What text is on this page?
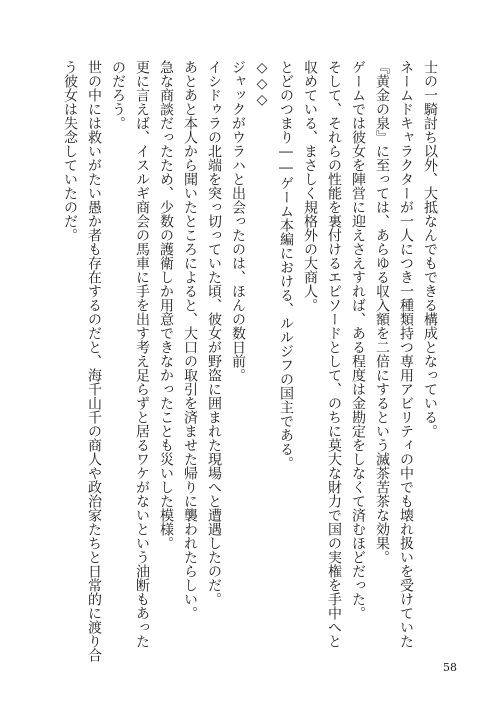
士の一騎討ち以外、大抵なんでもできる構成となっている。
ネームドキャラクターが一人につき一種類持つ専用アビリティの中でも壊れ扱いを受けていた
『黄金の泉』に至っては、あらゆる収入額を二倍にするという滅茶苦茶な効果。
ゲームでは彼女を陣営に迎えさえすれば、ある程度は金勘定をしなくて済むほどだった。
そして、それらの性能を裏付けるエピソードとして、のちに莫大な財力で国の実権を手中へと
収めている、まさしく規格外の大商人。
とどのつまり――ゲーム本編における、ルルジフの国主である。
◇◇◇
ジャックがウラハと出会ったのは、ほんの数日前。
イシドゥラの北端を突っ切っていた頃、彼女が野盗に囲まれた現場へと遭遇したのだ。
あとあと本人から聞いたところによると、大口の取引を済ませた帰りに襲われたらしい。
急な商談だったため、少数の護衛しか用意できなかったことも災いした模様。
更に言えば、イスルギ商会の馬車に手を出す考え足らずと居るワケがないという油断もあった
のだろう。
世の中には救いがたい愚か者も存在するのだと、海千山千の商人や政治家たちと日常的に渡り合
う彼女は失念していたのだ。
58
